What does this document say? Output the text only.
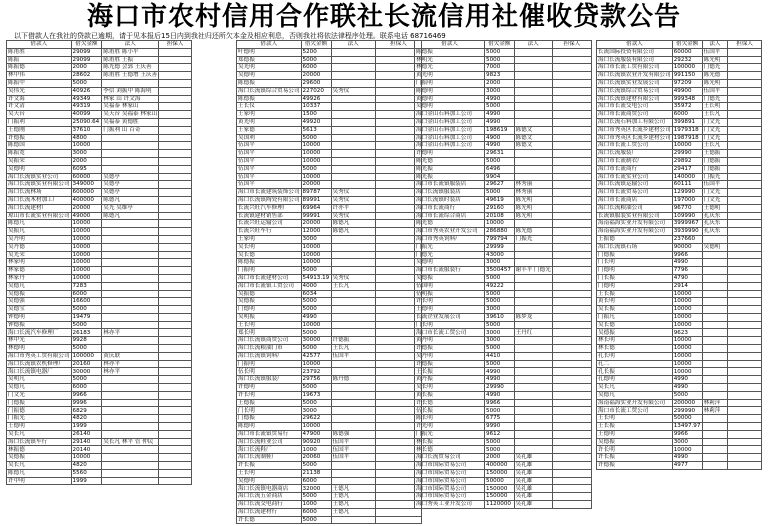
海口市农村信用合作联社长流信用社催收贷款公告
以下借款人在我社的贷款已逾期，请于见本报后15日内到我社归还所欠本金及相应利息，否则我社将依法律程序处理。联系电话 68716469
借款人	借欠金额	法人	担保人
陈甫胜	29099	陈甫胜 陈小平	
陈振	29099	陈甫胜 王振	
陈振德	2000	陈光德 会郭 王庆善	
林中伟	28602	陈甫胜 王德增 王庆善	
陈振中	5000		
吴伟光	40926	李信 刘振中 陈海明	
许文海	49349	林家 山 许文海	
许文清	49319	吴福泰 林家山	
吴天台	40099	吴天台 吴福泰 林家山	
门振利	25090.64	吴福泰 黄德胜	
王德刚	37610	门振利 山 百奇	
许德振	4800		
陈德国	10000		
陈振宽	3000		
吴振荣	2000		
吴德明	6095		
海口长流镇实业公司	60000	吴德亭	
海口长流镇实业有限公司	349000	吴德亭	
海口长流林场	600000	吴德亭	
海口长流木材加工厂	400000	陈德凡	
海口长流建材厂	20000	吴光 吴维亭	
琼山市长流实业有限公司	49000	陈德凡	
陈德凡	10000		
吴振凡	10000		
吴丹明	10000		
吴丹德	10000		
吴光荣	10000		
林家明	10000		
林家德	10000		
林家丹	10000		
吴德凡	7283		
吴德振	6000		
吴德强	16600		
吴德宝	5000		
钟德明	19479		
钟德振	5000		
海口长流汽车修理厂	26183	林亦平	
林中光	9928		
林德明	5000		
海口市秀英工贸有限公司	100000	黄庆联	
海口长流镇农机修理厂	20160	林亦平	
海口长流镇电器厂	30000	林亦平	
吴明凡	5000		
吴德凡	6000		
门文光	9966		
门德振	9996		
门振德	6829		
门振光	4820		
王德明	1999		
吴长凡	26140		
海口长流镇车行	29140	吴长凡 林平 管 仲民	
林振德	20140		
吴德振	10000		
吴长凡	4820		
陈德凡	5560		
许中明	1999		
借款人	借欠金额	法人	担保人
叶德明	5200		
郑德振	5000		
吴光明	6000		
吴德明	20000		
陈德振	29600		
海口长流镇综合贸易公司	227020	吴秀仪	
陈德振	49926		
王长仪	10337		
王家明	1500		
黄光明	49920		
王家德	5613		
吴国利	5000		
伍国平	10000		
伍国平	10000		
伍国平	10000		
伍国平	5000		
伍国平	10000		
伍国平	20000		
海口市长流建筑装饰公司	89787	吴秀仪	
海口长流镇陶瓷有限公司	89991	吴秀仪	
长流兴旺汽车修理厂	69964	许亦平	
长流镇建材销售部	99991	吴秀仪	
长流兴旺运输公司	20000	陈德凡	
长流兴旺车行	12000	陈德凡	
王家明	3000		
吴长明	10000		
吴长德	10000		
陈德振	10000		
门振明	5000		
海口市长流建材公司	54913.19	吴秀仪	
海口市长流镇工贸公司	4000	王长凡	
吴振德	6034		
吴德振	5000		
门德明	5000		
吴明振	4990		
王长明	10000		
郑长明	5000		
海口长流镇商贸公司	30000	许德振	
海口长流粮油门市	5000	王长凡	
海口长流镇饲料厂	42577	伍国平	
门振明	10000		
伍长明	23792		
海口长流镇服装厂	29756	陈丹德	
许德明	5000		
许长明	19673		
王德振	5000		
门长明	3000		
门德振	29622		
陈德明	10000		
海口市长流镇贸易行	47900	陈德强	
海口长流鞋业公司	90920	伍国平	
海口长流鞋厂	1000	伍国平	
海口长流制鞋厂	20060	伍国平	
许长振	5000		
王长明	21138		
吴德明	6000		
海口长流镇电器商店	32000	王德凡	
海口长流五金商店	5000	王德凡	
海口长流交电商行	1000	王德凡	
海口长流建材行	6000	王德凡	
许长德	5000		
借款人	借欠金额	法人	担保人
陈德振	5000		
林明光	5000		
林德光	7000		
黄光明	9823		
门振明	2000		
陈德明	3000		
黄德明	4990		
吴德明	5000		
海口金山石料加工公司	4990		
海口金山石料加工公司	4990		
海口金山石料加工公司	198619	陈德文	
海口金山石料加工公司	4900	陈德文	
海口金山石料加工公司	4990	陈德文	
许德明	29631		
陈光德	5000		
陈光振	6496		
陈光振	9904		
海口市长流镇服装店	29627	林秀丽	
海口长流镇服装店	5000	林秀丽	
海口长流镇时装店	49619	陈光明	
海口市长流商行	29160	陈光明	
海口市长流综合商店	20108	陈光明	
陈光德	10000		
海口市秀英农业开发公司	286880	陈光德	
海口市秀英饲料厂	799794	门振光	
门振光	29999		
门德光	43000		
吴德明	3000		
海口市长流服装行	3500457	谢丰平 门德光	
吴德振	5000		
伍国明	49222		
伍明振	5000		
许长明	5000		
王德明	3000		
长流企业发展公司	39610	陈梦龙	
门长明	5000		
海口市长流工贸公司	3000	王丹红	
黄丹明	3000		
许德振	5000		
吴丹明	4410		
许德振	5000		
王长振	4990		
黄丹振	4990		
吴长明	29990		
黄长振	4990		
许长德	9966		
伍长振	5000		
陈长明	6775		
许光明	9990		
门振光	9612		
林长振	5000		
林长德	5000		
海口长流贸易公司	2000	吴礼雄	
海口市国际贸易公司	400000	吴礼雄	
海口市国际贸易公司	150000	吴礼雄	
海口市国际贸易公司	50000	吴礼雄	
海口市国际贸易公司	150000	吴礼雄	
海口市国际贸易公司	150000	吴礼雄	
海口秀英工业开发公司	1120000	吴礼雄	
借款人	借欠金额	法人	担保人
长流国际投资有限公司	60000	伍国平	
海口长流服装有限公司	29232	陈光明	
海口市长流工贸有限公司	100000	门德光	
海口长流镇农业开发有限公司	991150	陈光德	
海口长流镇实业发展公司	97209	陈光明	
海口长流镇综合贸易公司	49900	伍国平	
海口长流镇建材有限公司	999348	门德光	
海口市长流交电公司	35972	王长明	
海口市长流商贸公司	6000	王长凡	
海口长流石料加工有限公司	399891	门文光	
海口市秀英区长流乡建材公司	1979318	门文光	
海口市秀英区长流乡建材公司	1987918	门文光	
海口市长流工贸公司	10000	王长凡	
海口长流服装厂	29990	王德振	
海口市长流制衣厂	29892	门德振	
海口市长流商行	29417	门德振	
海口市长流实业公司	140000	门振光	
海口长流镇运输公司	60111	伍国平	
海口市长流贸易公司	129990	门文光	
海口市长流商店	197000	门文光	
海口长流粮油公司	96770	王德明	
长流镇服装实业有限公司	109990	孔庆东	
海南福海实业开发有限公司	3999967	孔庆东	
海南福海实业开发有限公司	3939990	孔庆东	
王振德	237660		
海口长流镇石场	90000	吴德明	
门德振	9966		
门长明	4990		
门德明	7796		
门长振	4790		
门德明	2914		
王长振	10000		
黄长明	10000		
吴长振	10000		
门振凡	10000		
吴长德	10000		
吴德振	9623		
林长明	10000		
林长德	10000		
孔长明	10000		
孔二	10000		
孔长振	10000		
孔德明	4990		
吴长凡	4990		
吴德凡	5000		
海南福海实业开发有限公司	200000	林莉萍	
海口市长流工贸公司	299990	林莉萍	
王长明	50000		
王长振	13497.97		
王德明	9966		
吴德振	3000		
许长明	10000		
许长振	4990		
许德振	4977		
